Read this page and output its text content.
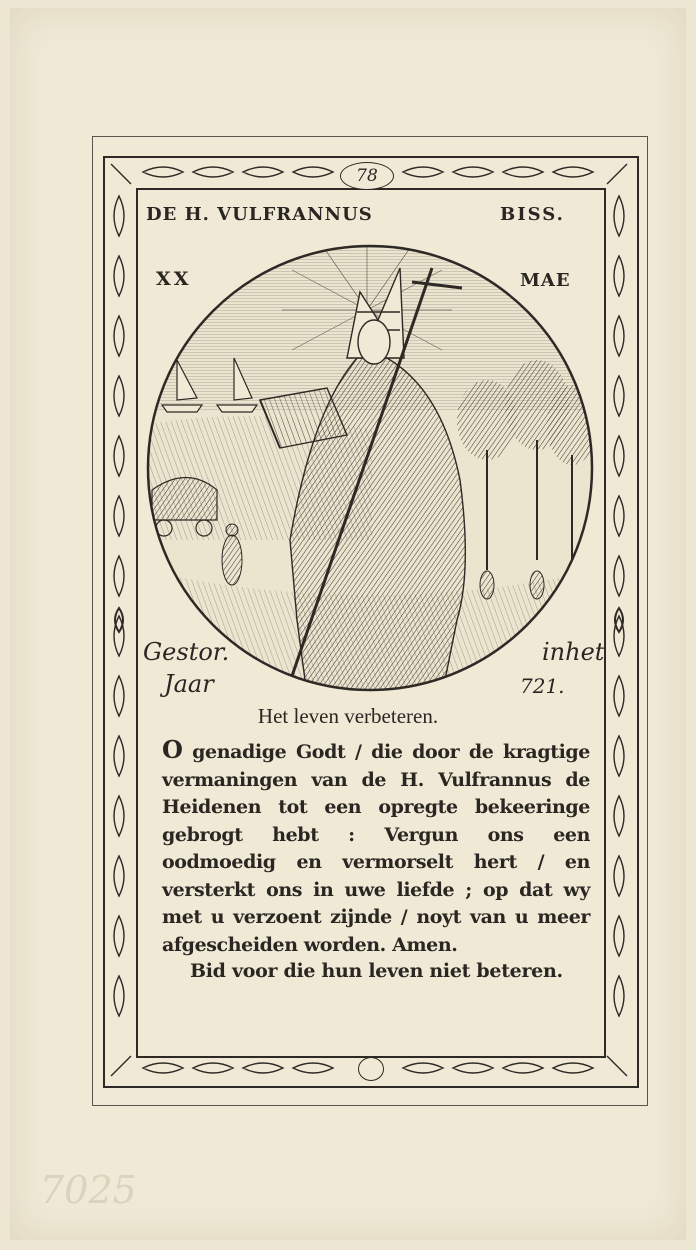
78
DE H. VULFRANNUS	BISS.
XX	MAE
Gestor.	inhet
Jaar	721.
Het leven verbeteren.
O genadige Godt / die door de kragtige vermaningen van de H. Vulfrannus de Heidenen tot een opregte bekeeringe gebrogt hebt : Vergun ons een oodmoedig en vermorselt hert / en versterkt ons in uwe liefde ; op dat wy met u verzoent zijnde / noyt van u meer afgescheiden worden. Amen.
Bid voor die hun leven niet beteren.
7025
